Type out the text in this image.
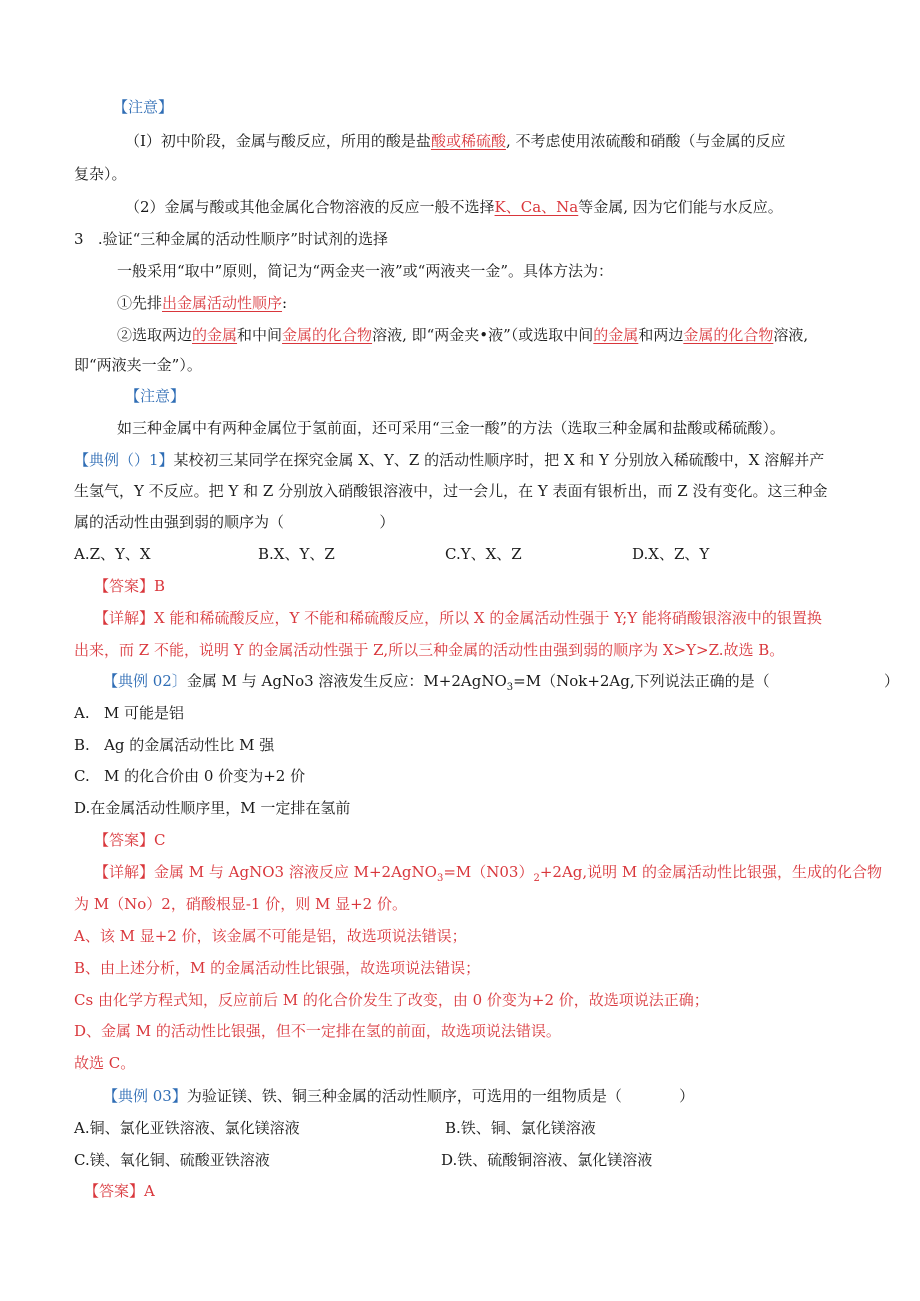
【注意】
（I）初中阶段，金属与酸反应，所用的酸是盐酸或稀硫酸, 不考虑使用浓硫酸和硝酸（与金属的反应
复杂）。
（2）金属与酸或其他金属化合物溶液的反应一般不选择K、Ca、Na等金属, 因为它们能与水反应。
3   .验证“三种金属的活动性顺序”时试剂的选择
一般采用“取中”原则，简记为“两金夹一液”或“两液夹一金”。具体方法为：
①先排出金属活动性顺序:
②选取两边的金属和中间金属的化合物溶液, 即“两金夹•液”（或选取中间的金属和两边金属的化合物溶液,
即“两液夹一金”）。
【注意】
如三种金属中有两种金属位于氢前面，还可采用“三金一酸”的方法（选取三种金属和盐酸或稀硫酸）。
【典例（）1】某校初三某同学在探究金属 X、Y、Z 的活动性顺序时，把 X 和 Y 分别放入稀硫酸中，X 溶解并产
生氢气，Y 不反应。把 Y 和 Z 分别放入硝酸银溶液中，过一会儿，在 Y 表面有银析出，而 Z 没有变化。这三种金
属的活动性由强到弱的顺序为（                    ）
A.Z、Y、X	B.X、Y、Z	C.Y、X、Z	D.X、Z、Y
【答案】B
【详解】X 能和稀硫酸反应，Y 不能和稀硫酸反应，所以 X 的金属活动性强于 Y;Y 能将硝酸银溶液中的银置换
出来，而 Z 不能，说明 Y 的金属活动性强于 Z,所以三种金属的活动性由强到弱的顺序为 X>Y>Z.故选 B。
【典例 02〕金属 M 与 AgNo3 溶液发生反应：M+2AgNO$_3$=M（Nok+2Ag,下列说法正确的是（                        ）
A.   M 可能是铝
B.   Ag 的金属活动性比 M 强
C.   M 的化合价由 0 价变为+2 价
D.在金属活动性顺序里，M 一定排在氢前
【答案】C
【详解】金属 M 与 AgNO3 溶液反应 $M+2AgNO_3=M(N03)_2+2Ag$,说明 M 的金属活动性比银强，生成的化合物
为 M（No）2，硝酸根显-1 价，则 M 显+2 价。
A、该 M 显+2 价，该金属不可能是铝，故选项说法错误；
B、由上述分析，M 的金属活动性比银强，故选项说法错误；
Cs 由化学方程式知，反应前后 M 的化合价发生了改变，由 0 价变为+2 价，故选项说法正确；
D、金属 M 的活动性比银强，但不一定排在氢的前面，故选项说法错误。
故选 C。
【典例 03】为验证镁、铁、铜三种金属的活动性顺序，可选用的一组物质是（            ）
A.铜、氯化亚铁溶液、氯化镁溶液	B.铁、铜、氯化镁溶液
C.镁、氧化铜、硫酸亚铁溶液	D.铁、硫酸铜溶液、氯化镁溶液
【答案】A
